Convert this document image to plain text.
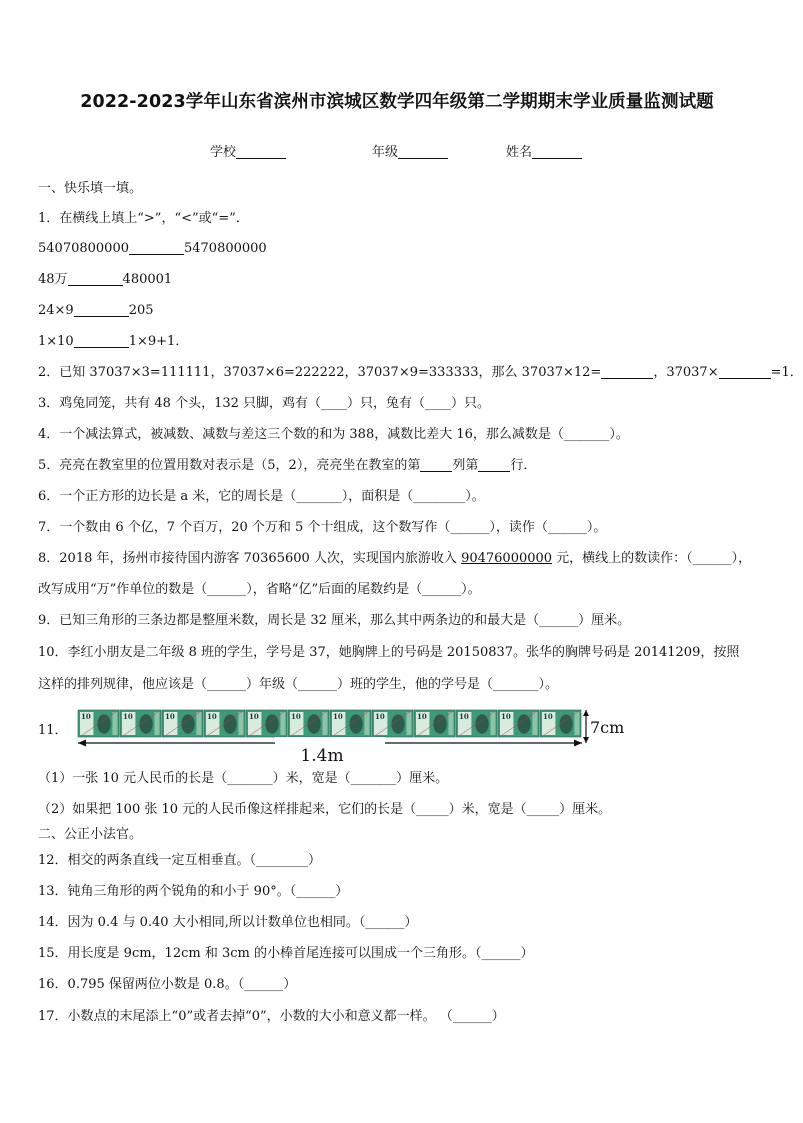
2022-2023学年山东省滨州市滨城区数学四年级第二学期期末学业质量监测试题
学校	年级	姓名
一、快乐填一填。
1．在横线上填上“>”，“<”或“=”．
54070800000	5470800000
48万	480001
24×9	205
1×10	1×9+1．
2．已知 37037×3=111111，37037×6=222222，37037×9=333333，那么 37037×12=	，37037×	=1．
3．鸡兔同笼，共有 48 个头，132 只脚，鸡有（____）只，兔有（____）只。
4．一个减法算式，被减数、减数与差这三个数的和为 388，减数比差大 16，那么减数是（_______）。
5．亮亮在教室里的位置用数对表示是（5，2），亮亮坐在教室的第 列第 行．
6．一个正方形的边长是 a 米，它的周长是（_______），面积是（________）。
7．一个数由 6 个亿，7 个百万，20 个万和 5 个十组成，这个数写作（______），读作（______）。
8．2018 年，扬州市接待国内游客 70365600 人次，实现国内旅游收入 90476000000 元，横线上的数读作：（______），
改写成用“万”作单位的数是（______），省略“亿”后面的尾数约是（______）。
9．已知三角形的三条边都是整厘米数，周长是 32 厘米，那么其中两条边的和最大是（______）厘米。
10．李红小朋友是二年级 8 班的学生，学号是 37，她胸牌上的号码是 20150837。张华的胸牌号码是 20141209，按照
这样的排列规律，他应该是（______）年级（______）班的学生，他的学号是（_______）。
11．
10	10	10	10	10	10	10	10	10	10	10	10
1.4m
7cm
（1）一张 10 元人民币的长是（_______）米，宽是（_______）厘米。
（2）如果把 100 张 10 元的人民币像这样排起来，它们的长是（_____）米，宽是（_____）厘米。
二、公正小法官。
12．相交的两条直线一定互相垂直。（________）
13．钝角三角形的两个锐角的和小于 90°。（______）
14．因为 0.4 与 0.40 大小相同,所以计数单位也相同。（______）
15．用长度是 9cm，12cm 和 3cm 的小棒首尾连接可以围成一个三角形。（______）
16．0.795 保留两位小数是 0.8。（______）
17．小数点的末尾添上“0”或者去掉“0”，小数的大小和意义都一样。 （______）
